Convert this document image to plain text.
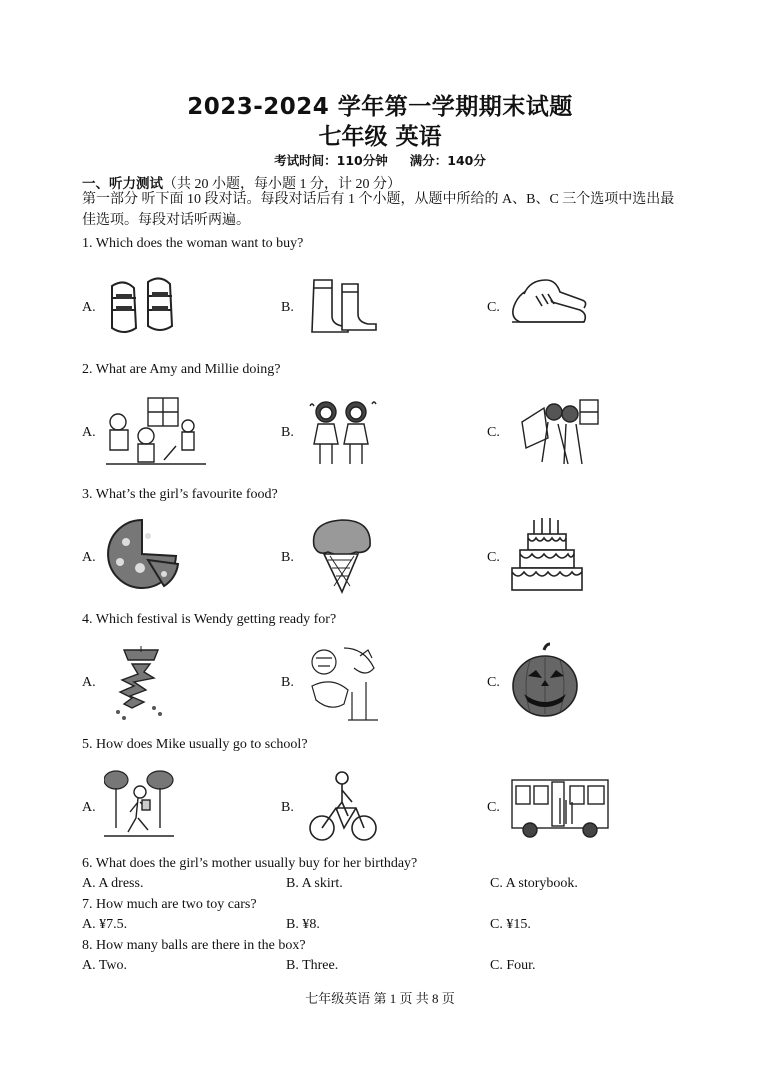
2023-2024 学年第一学期期末试题
七年级 英语
考试时间：110分钟 满分：140分
一、听力测试（共 20 小题，每小题 1 分，计 20 分）
第一部分 听下面 10 段对话。每段对话后有 1 个小题，从题中所给的 A、B、C 三个选项中选出最佳选项。每段对话听两遍。
1. Which does the woman want to buy?
A.	B.	C.
2. What are Amy and Millie doing?
A.	B.	C.
3. What’s the girl’s favourite food?
A.	B.	C.
4. Which festival is Wendy getting ready for?
A.	B.	C.
5. How does Mike usually go to school?
A.	B.	C.
6. What does the girl’s mother usually buy for her birthday?
A. A dress.	B. A skirt.	C. A storybook.
7. How much are two toy cars?
A. ¥7.5.	B. ¥8.	C. ¥15.
8. How many balls are there in the box?
A. Two.	B. Three.	C. Four.
七年级英语 第 1 页 共 8 页
